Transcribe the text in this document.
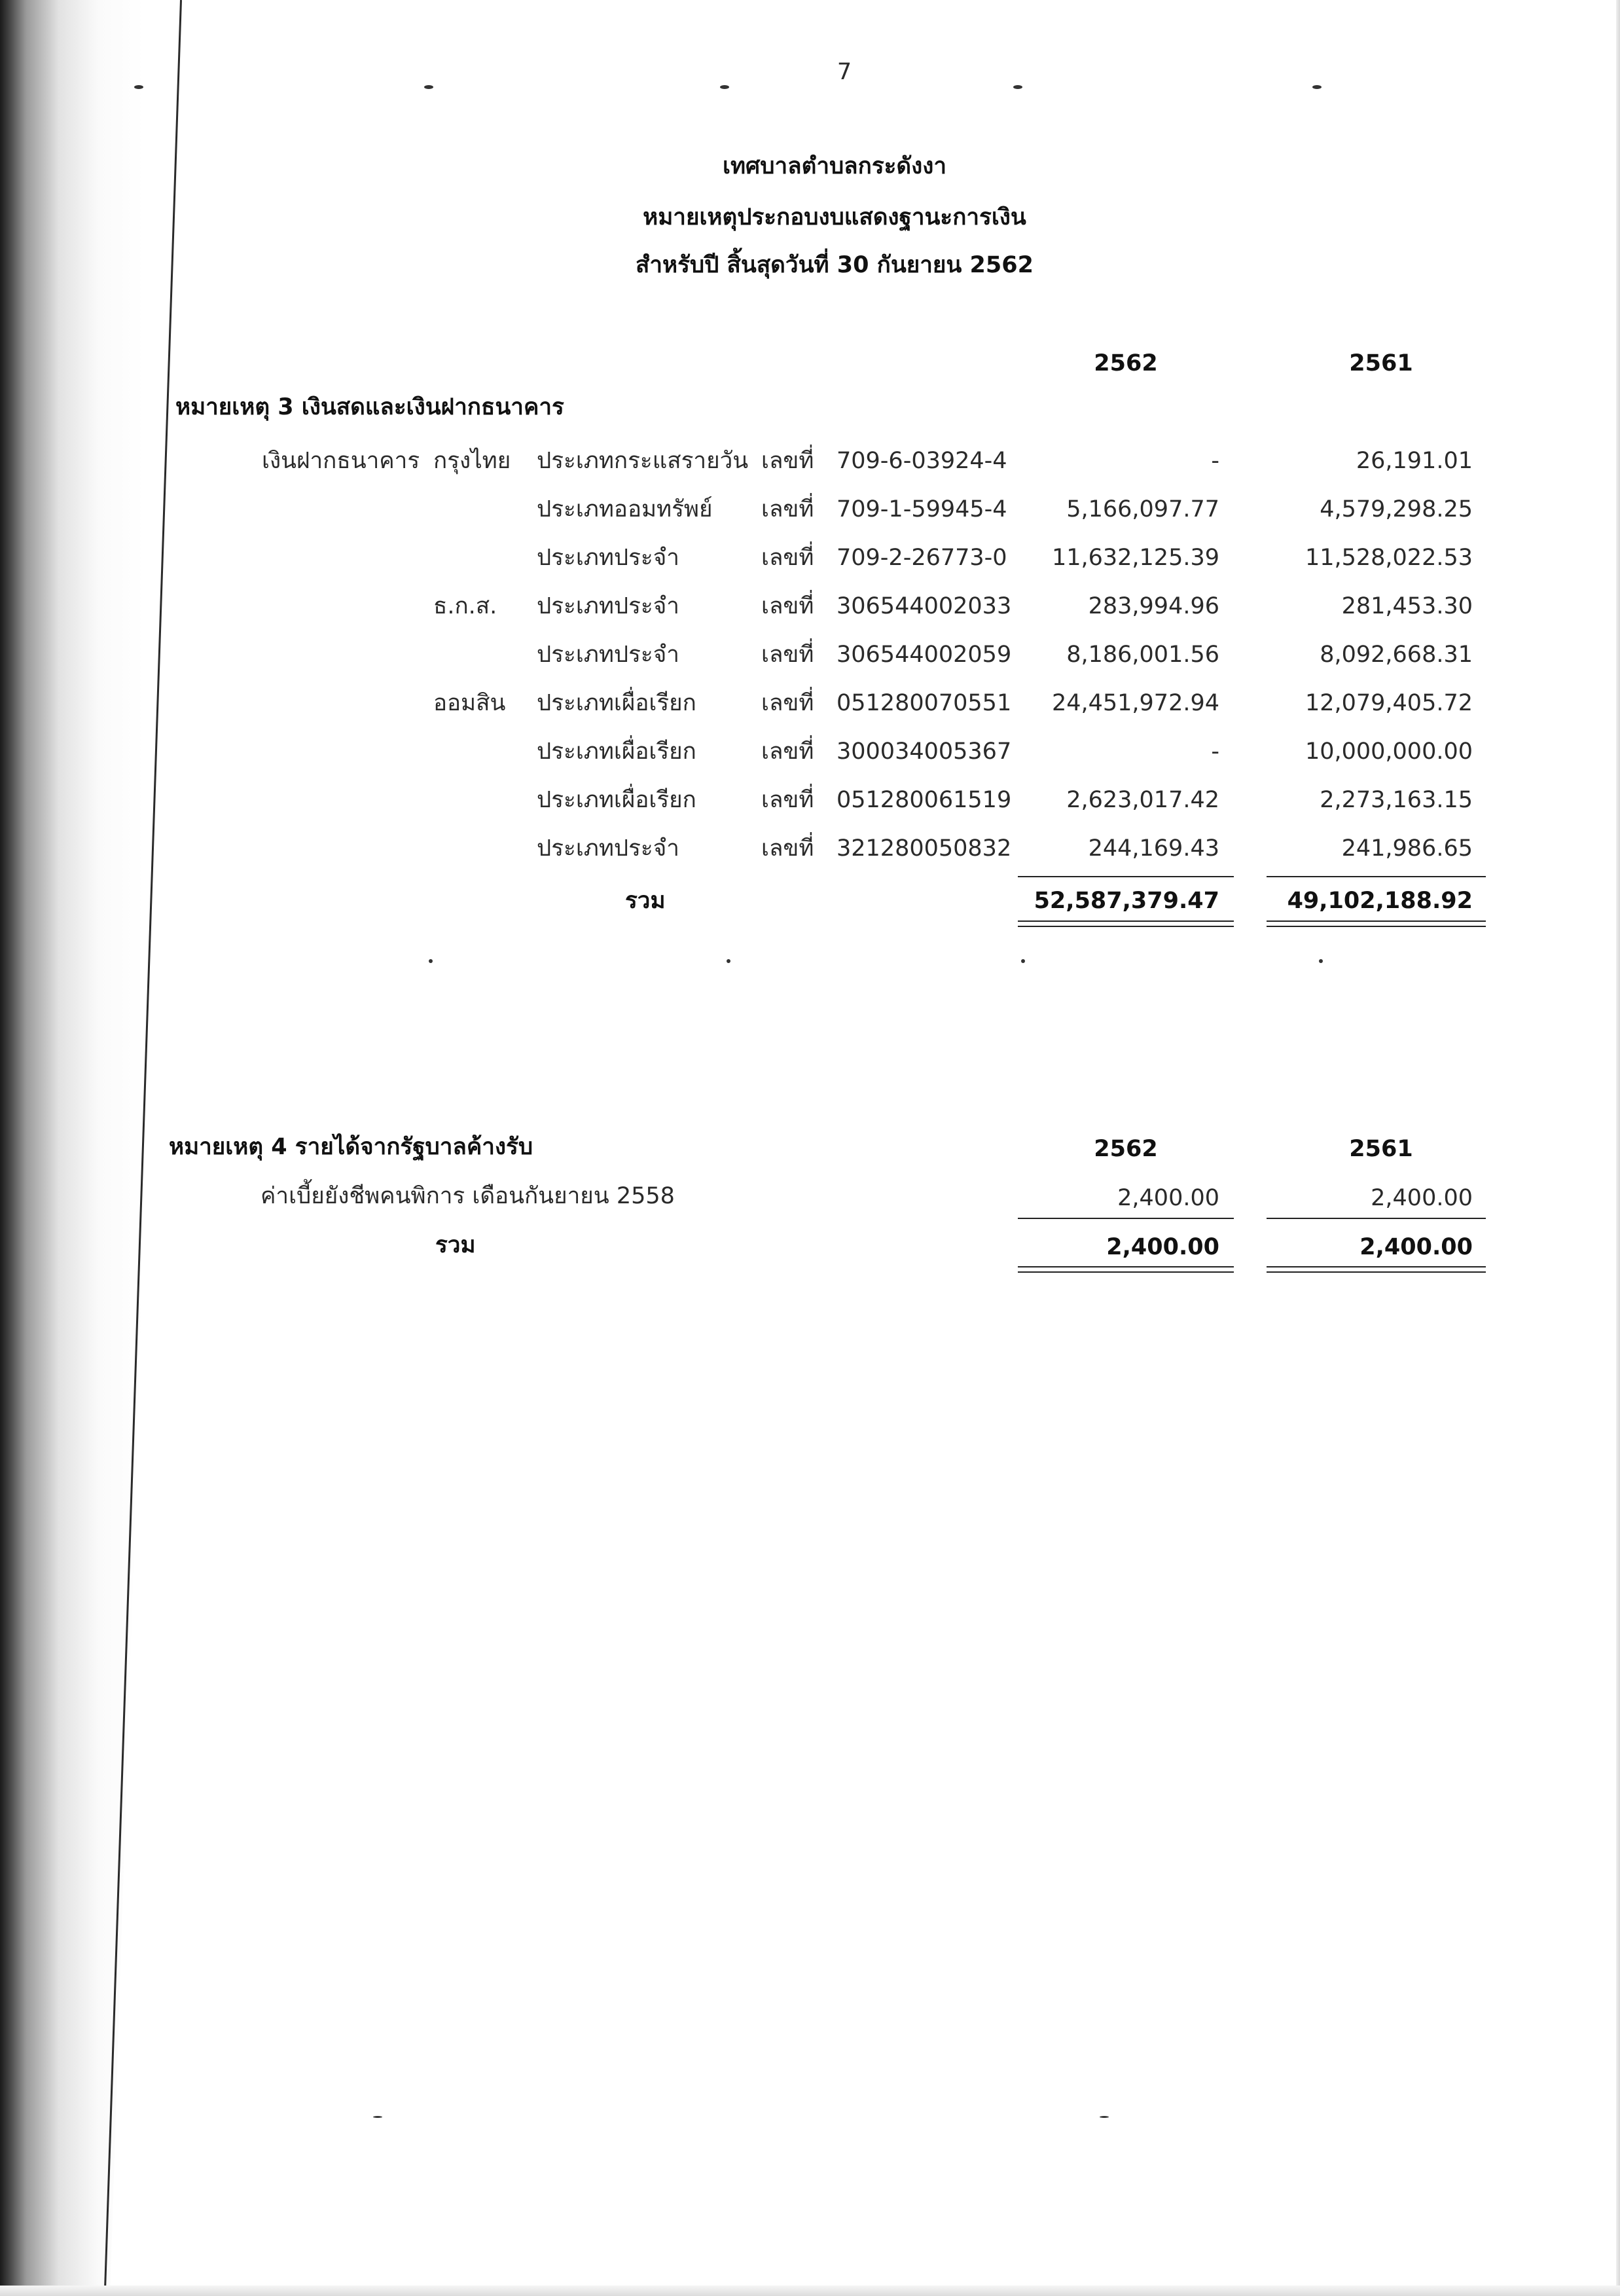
7
เทศบาลตำบลกระดังงา
หมายเหตุประกอบงบแสดงฐานะการเงิน
สำหรับปี สิ้นสุดวันที่ 30 กันยายน 2562
2562	2561
หมายเหตุ 3 เงินสดและเงินฝากธนาคาร
เงินฝากธนาคาร กรุงไทย ประเภทกระแสรายวัน เลขที่ 709-6-03924-4	-	26,191.01
ประเภทออมทรัพย์ เลขที่ 709-1-59945-4	5,166,097.77	4,579,298.25
ประเภทประจำ	เลขที่ 709-2-26773-0	11,632,125.39	11,528,022.53
ธ.ก.ส. ประเภทประจำ	เลขที่ 306544002033	283,994.96	281,453.30
ประเภทประจำ	เลขที่ 306544002059	8,186,001.56	8,092,668.31
ออมสิน ประเภทเผื่อเรียก	เลขที่ 051280070551	24,451,972.94	12,079,405.72
ประเภทเผื่อเรียก	เลขที่ 300034005367	-	10,000,000.00
ประเภทเผื่อเรียก	เลขที่ 051280061519	2,623,017.42	2,273,163.15
ประเภทประจำ	เลขที่ 321280050832	244,169.43	241,986.65
รวม	52,587,379.47	49,102,188.92
หมายเหตุ 4 รายได้จากรัฐบาลค้างรับ	2562	2561
ค่าเบี้ยยังชีพคนพิการ เดือนกันยายน 2558	2,400.00	2,400.00
รวม	2,400.00	2,400.00
